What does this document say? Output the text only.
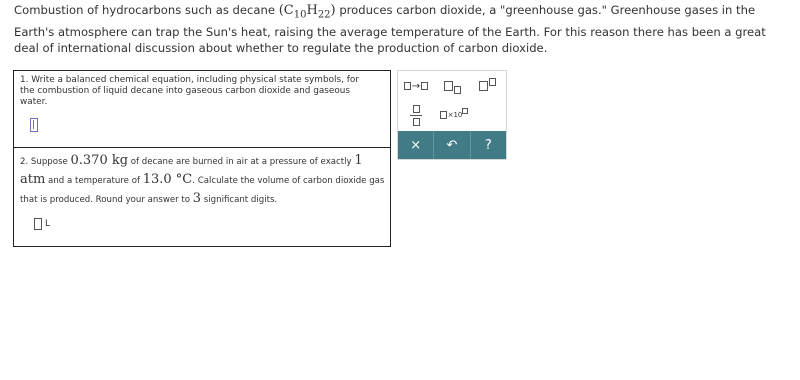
Combustion of hydrocarbons such as decane $(C_{10}H_{22})$ produces carbon dioxide, a "greenhouse gas." Greenhouse gases in the Earth's atmosphere can trap the Sun's heat, raising the average temperature of the Earth. For this reason there has been a great deal of international discussion about whether to regulate the production of carbon dioxide.
1. Write a balanced chemical equation, including physical state symbols, for the combustion of liquid decane into gaseous carbon dioxide and gaseous water.
2. Suppose 0.370 kg of decane are burned in air at a pressure of exactly 1 atm and a temperature of 13.0 °C. Calculate the volume of carbon dioxide gas that is produced. Round your answer to 3 significant digits.
L
→
×10
× ↶ ?
